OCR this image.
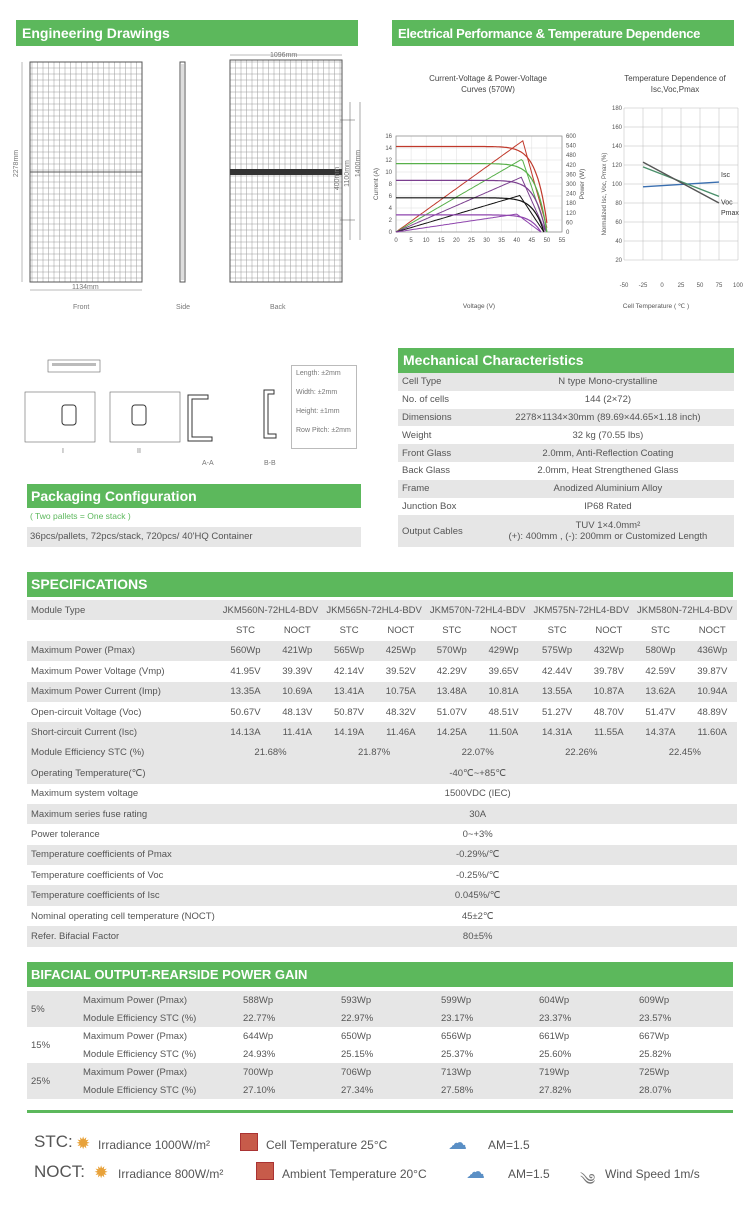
Engineering Drawings
1134mm
2278mm
1096mm
1400mm
1100mm
400mm
Front	Side	Back
I	II
A-A	B-B
Length: ±2mm
Width: ±2mm
Height: ±1mm
Row Pitch: ±2mm
Packaging Configuration
( Two pallets = One stack )
36pcs/pallets, 72pcs/stack, 720pcs/ 40'HQ Container
Electrical Performance & Temperature Dependence
Current-Voltage & Power-Voltage
Curves (570W)
0 5 10 15 20 25 30 35 40 45 50 55
0
2
4
6
8
10
12
14
16
0
60
120
180
240
300
360
420
480
540
600
Current (A)	Power (W)
Voltage (V)
Temperature Dependence of
Isc,Voc,Pmax
-50 -25 0 25 50 75 100
20
40
60
80
100
120
140
160
180
Normalized Isc, Voc, Pmax (%)
Cell Temperature ( ℃ )
Isc
Voc
Pmax
Mechanical Characteristics
Cell Type	N type Mono-crystalline
No. of cells	144 (2×72)
Dimensions	2278×1134×30mm (89.69×44.65×1.18 inch)
Weight	32 kg (70.55 lbs)
Front Glass	2.0mm, Anti-Reflection Coating
Back Glass	2.0mm, Heat Strengthened Glass
Frame	Anodized Aluminium Alloy
Junction Box	IP68 Rated
Output Cables	TUV 1×4.0mm²
(+): 400mm , (-): 200mm or Customized Length
SPECIFICATIONS
Module Type	JKM560N-72HL4-BDV		JKM565N-72HL4-BDV		JKM570N-72HL4-BDV		JKM575N-72HL4-BDV		JKM580N-72HL4-BDV	
	STC	NOCT	STC	NOCT	STC	NOCT	STC	NOCT	STC	NOCT
Maximum Power (Pmax)	560Wp	421Wp	565Wp	425Wp	570Wp	429Wp	575Wp	432Wp	580Wp	436Wp
Maximum Power Voltage (Vmp)	41.95V	39.39V	42.14V	39.52V	42.29V	39.65V	42.44V	39.78V	42.59V	39.87V
Maximum Power Current (Imp)	13.35A	10.69A	13.41A	10.75A	13.48A	10.81A	13.55A	10.87A	13.62A	10.94A
Open-circuit Voltage (Voc)	50.67V	48.13V	50.87V	48.32V	51.07V	48.51V	51.27V	48.70V	51.47V	48.89V
Short-circuit Current (Isc)	14.13A	11.41A	14.19A	11.46A	14.25A	11.50A	14.31A	11.55A	14.37A	11.60A
Module Efficiency STC (%)	21.68%		21.87%		22.07%		22.26%		22.45%	
Operating Temperature(℃)	-40℃~+85℃									
Maximum system voltage	1500VDC (IEC)									
Maximum series fuse rating	30A									
Power tolerance	0~+3%									
Temperature coefficients of Pmax	-0.29%/℃									
Temperature coefficients of Voc	-0.25%/℃									
Temperature coefficients of Isc	0.045%/℃									
Nominal operating cell temperature (NOCT)	45±2℃									
Refer. Bifacial Factor	80±5%									
BIFACIAL OUTPUT-REARSIDE POWER GAIN
5%	Maximum Power (Pmax)	588Wp	593Wp	599Wp	604Wp	609Wp
	Module Efficiency STC (%)	22.77%	22.97%	23.17%	23.37%	23.57%
15%	Maximum Power (Pmax)	644Wp	650Wp	656Wp	661Wp	667Wp
	Module Efficiency STC (%)	24.93%	25.15%	25.37%	25.60%	25.82%
25%	Maximum Power (Pmax)	700Wp	706Wp	713Wp	719Wp	725Wp
	Module Efficiency STC (%)	27.10%	27.34%	27.58%	27.82%	28.07%
STC: ✹ Irradiance 1000W/m²	Cell Temperature 25°C	☁ AM=1.5
NOCT: ✹ Irradiance 800W/m²	Ambient Temperature 20°C ☁ AM=1.5 ༄ Wind Speed 1m/s
